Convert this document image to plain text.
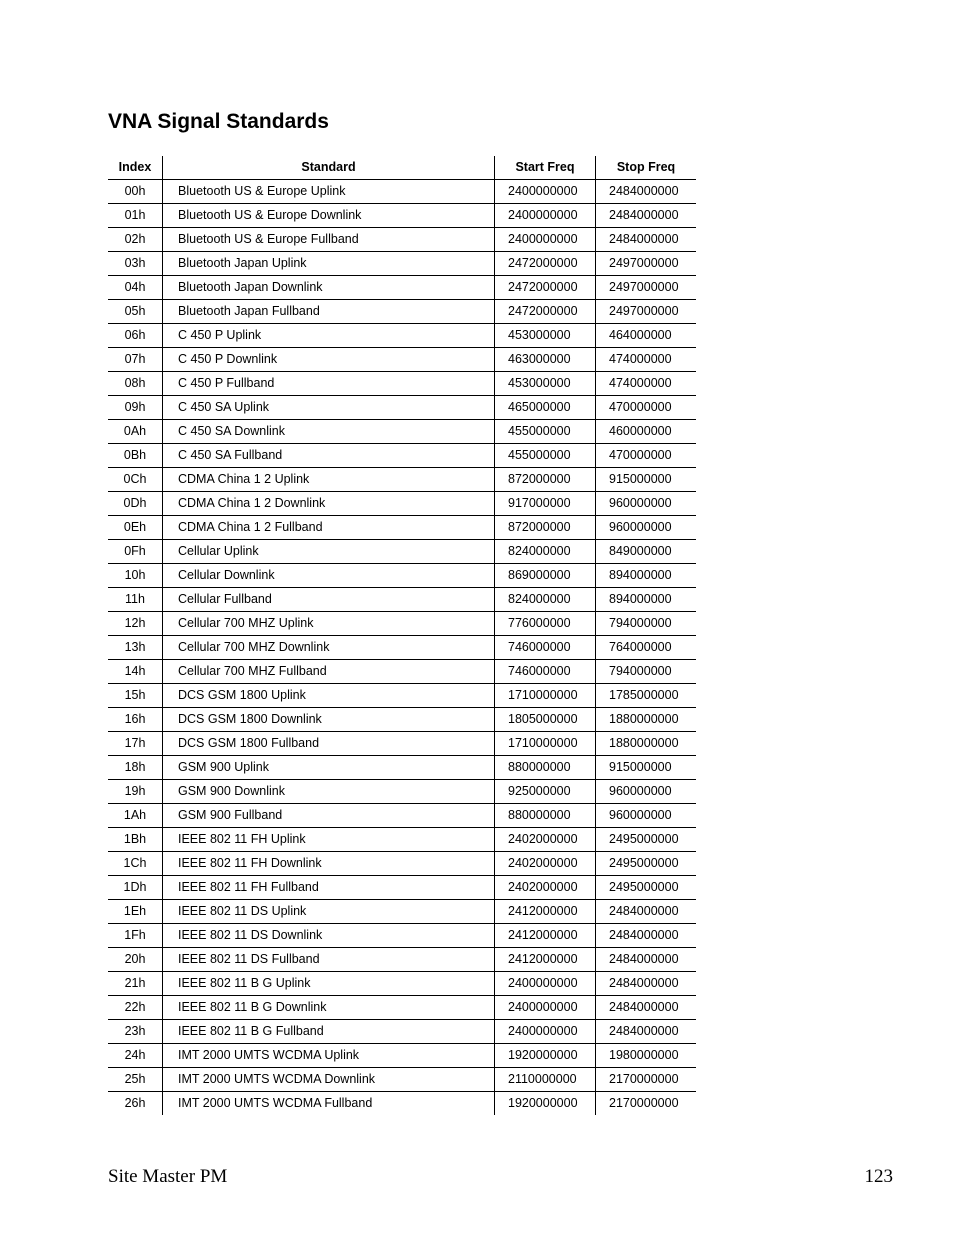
VNA Signal Standards
Index	Standard	Start Freq	Stop Freq
00h	Bluetooth US & Europe Uplink	2400000000	2484000000
01h	Bluetooth US & Europe Downlink	2400000000	2484000000
02h	Bluetooth US & Europe Fullband	2400000000	2484000000
03h	Bluetooth Japan Uplink	2472000000	2497000000
04h	Bluetooth Japan Downlink	2472000000	2497000000
05h	Bluetooth Japan Fullband	2472000000	2497000000
06h	C 450 P Uplink	453000000	464000000
07h	C 450 P Downlink	463000000	474000000
08h	C 450 P Fullband	453000000	474000000
09h	C 450 SA Uplink	465000000	470000000
0Ah	C 450 SA Downlink	455000000	460000000
0Bh	C 450 SA Fullband	455000000	470000000
0Ch	CDMA China 1 2 Uplink	872000000	915000000
0Dh	CDMA China 1 2 Downlink	917000000	960000000
0Eh	CDMA China 1 2 Fullband	872000000	960000000
0Fh	Cellular Uplink	824000000	849000000
10h	Cellular Downlink	869000000	894000000
11h	Cellular Fullband	824000000	894000000
12h	Cellular 700 MHZ Uplink	776000000	794000000
13h	Cellular 700 MHZ Downlink	746000000	764000000
14h	Cellular 700 MHZ Fullband	746000000	794000000
15h	DCS GSM 1800 Uplink	1710000000	1785000000
16h	DCS GSM 1800 Downlink	1805000000	1880000000
17h	DCS GSM 1800 Fullband	1710000000	1880000000
18h	GSM 900 Uplink	880000000	915000000
19h	GSM 900 Downlink	925000000	960000000
1Ah	GSM 900 Fullband	880000000	960000000
1Bh	IEEE 802 11 FH Uplink	2402000000	2495000000
1Ch	IEEE 802 11 FH Downlink	2402000000	2495000000
1Dh	IEEE 802 11 FH Fullband	2402000000	2495000000
1Eh	IEEE 802 11 DS Uplink	2412000000	2484000000
1Fh	IEEE 802 11 DS Downlink	2412000000	2484000000
20h	IEEE 802 11 DS Fullband	2412000000	2484000000
21h	IEEE 802 11 B G Uplink	2400000000	2484000000
22h	IEEE 802 11 B G Downlink	2400000000	2484000000
23h	IEEE 802 11 B G Fullband	2400000000	2484000000
24h	IMT 2000 UMTS WCDMA Uplink	1920000000	1980000000
25h	IMT 2000 UMTS WCDMA Downlink	2110000000	2170000000
26h	IMT 2000 UMTS WCDMA Fullband	1920000000	2170000000
Site Master PM	123
